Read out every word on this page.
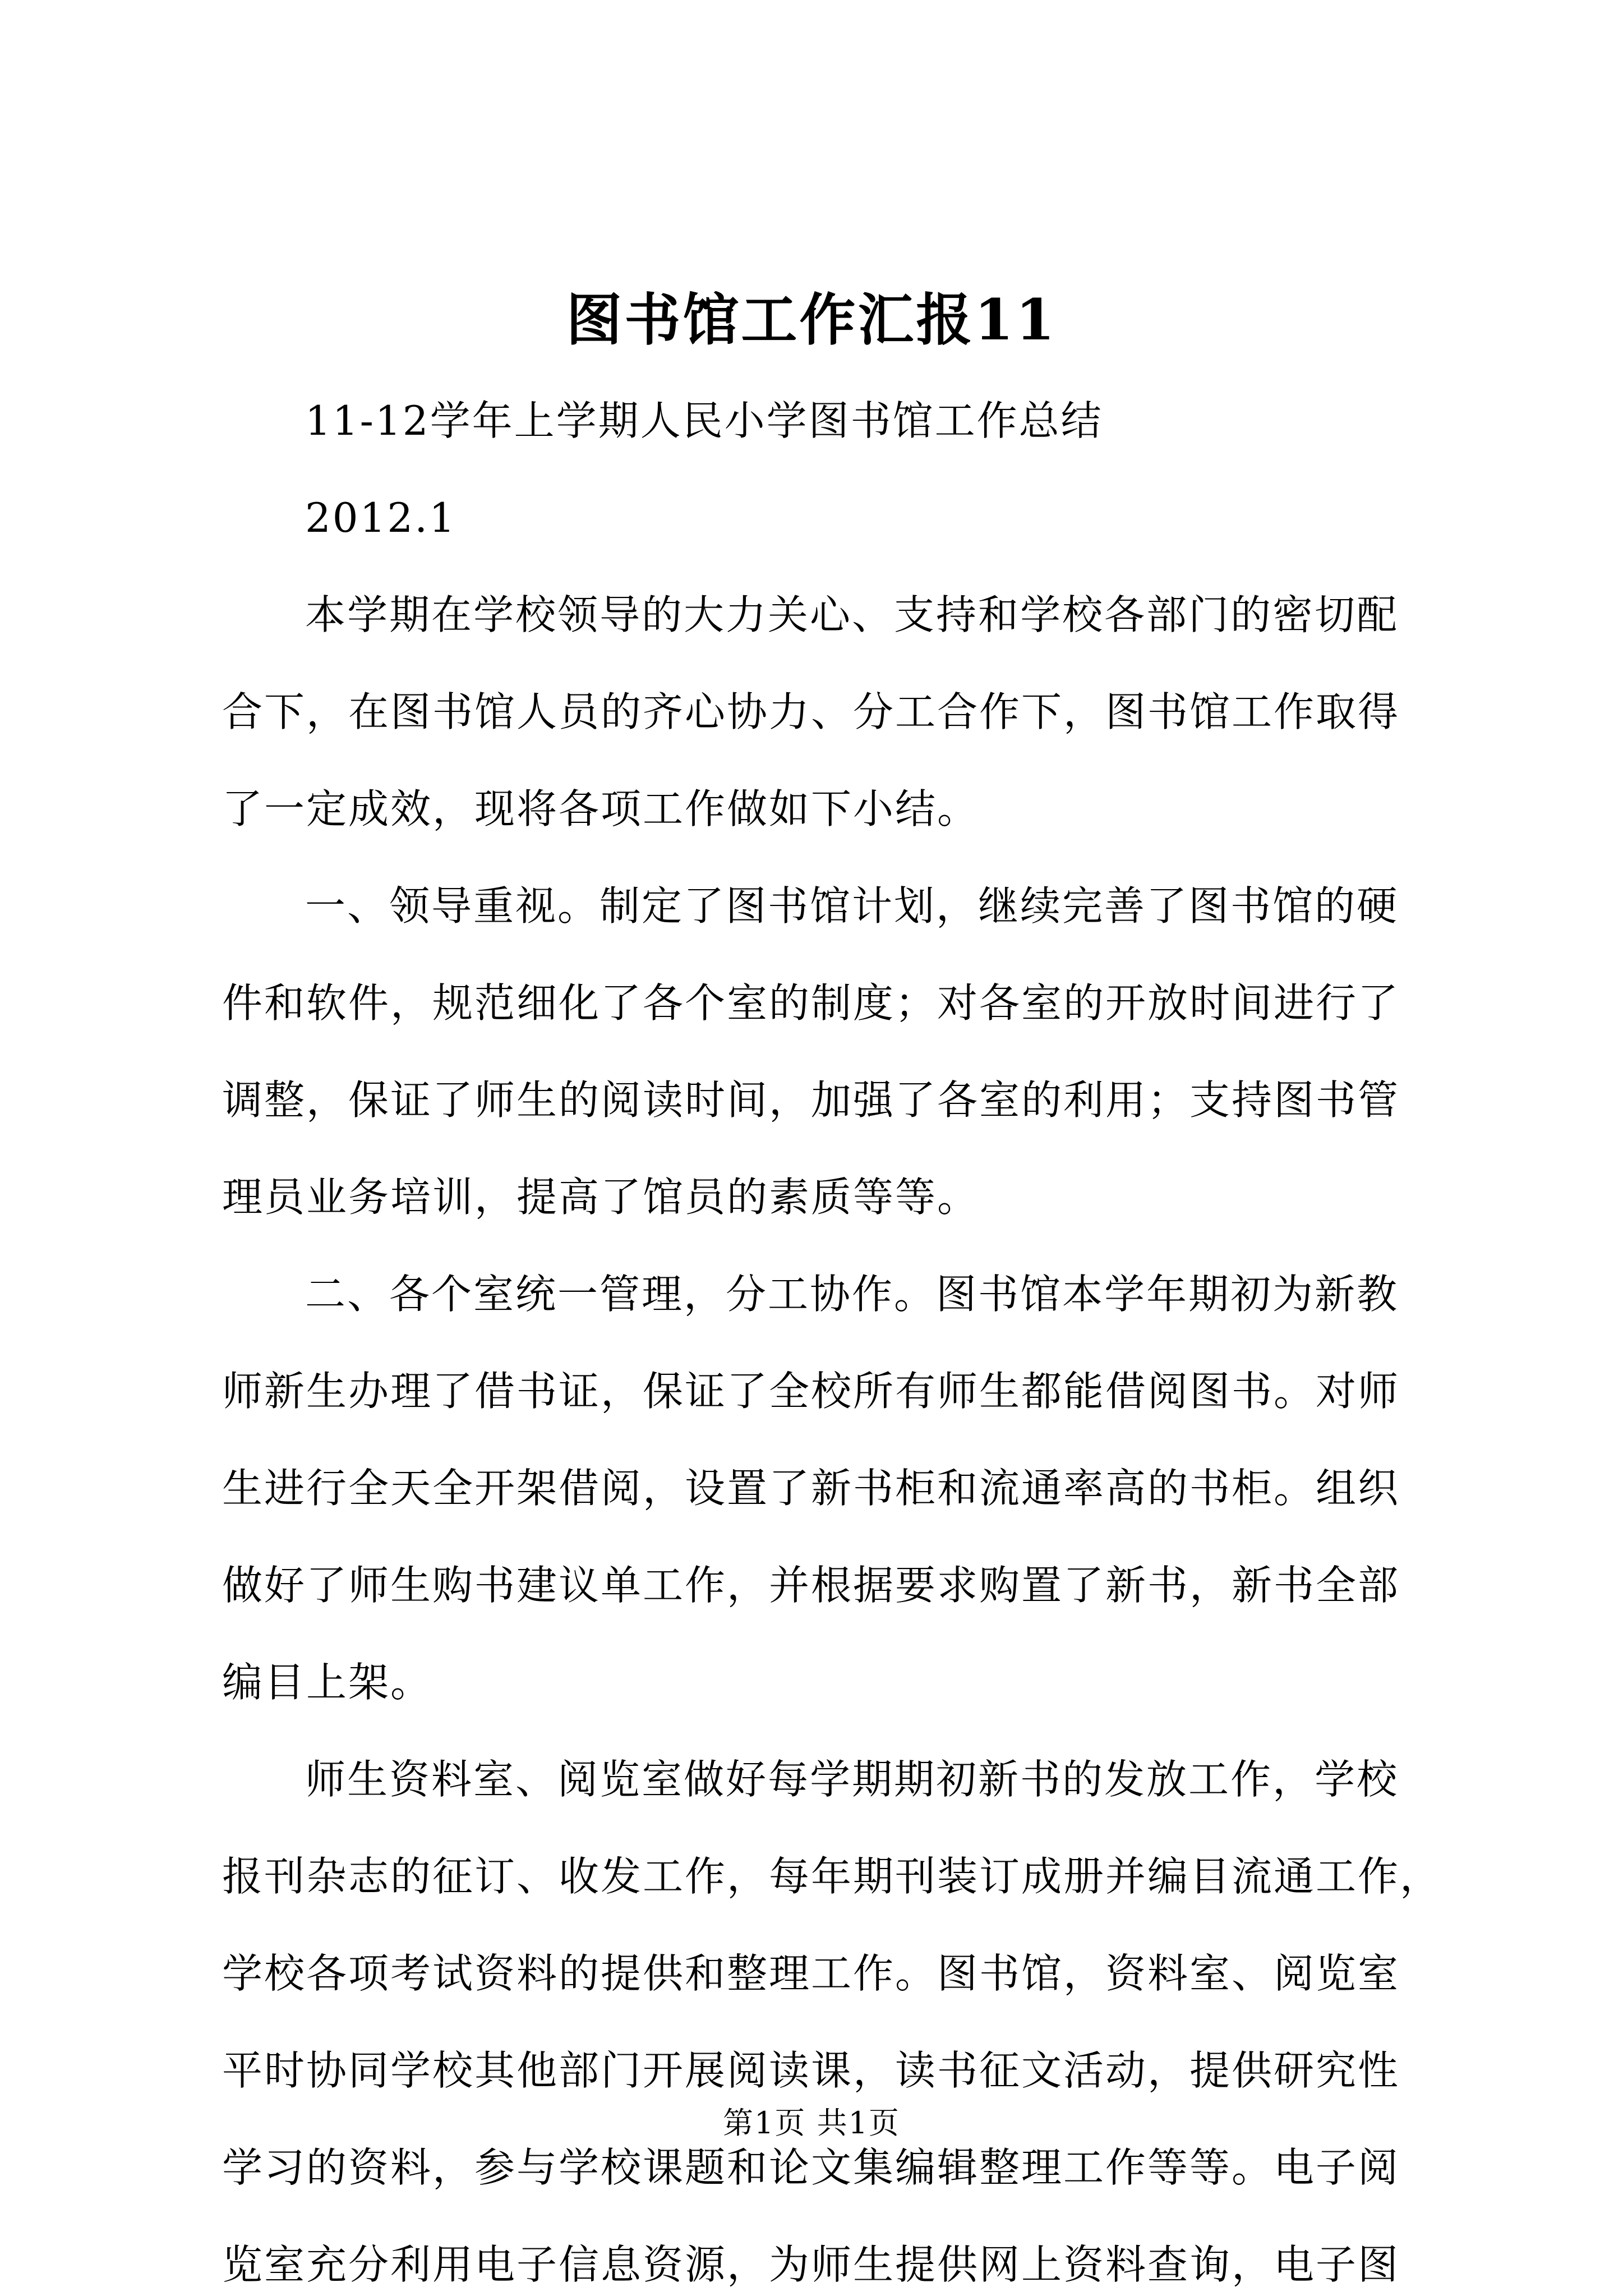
图书馆工作汇报11
11-12学年上学期人民小学图书馆工作总结
2012.1
本学期在学校领导的大力关心、支持和学校各部门的密切配
合下，在图书馆人员的齐心协力、分工合作下，图书馆工作取得
了一定成效，现将各项工作做如下小结。
一、领导重视。制定了图书馆计划，继续完善了图书馆的硬
件和软件，规范细化了各个室的制度；对各室的开放时间进行了
调整，保证了师生的阅读时间，加强了各室的利用；支持图书管
理员业务培训，提高了馆员的素质等等。
二、各个室统一管理，分工协作。图书馆本学年期初为新教
师新生办理了借书证，保证了全校所有师生都能借阅图书。对师
生进行全天全开架借阅，设置了新书柜和流通率高的书柜。组织
做好了师生购书建议单工作，并根据要求购置了新书，新书全部
编目上架。
师生资料室、阅览室做好每学期期初新书的发放工作，学校
报刊杂志的征订、收发工作，每年期刊装订成册并编目流通工作，
学校各项考试资料的提供和整理工作。图书馆，资料室、阅览室
平时协同学校其他部门开展阅读课，读书征文活动，提供研究性
学习的资料，参与学校课题和论文集编辑整理工作等等。电子阅
览室充分利用电子信息资源，为师生提供网上资料查询，电子图
第1页 共1页
